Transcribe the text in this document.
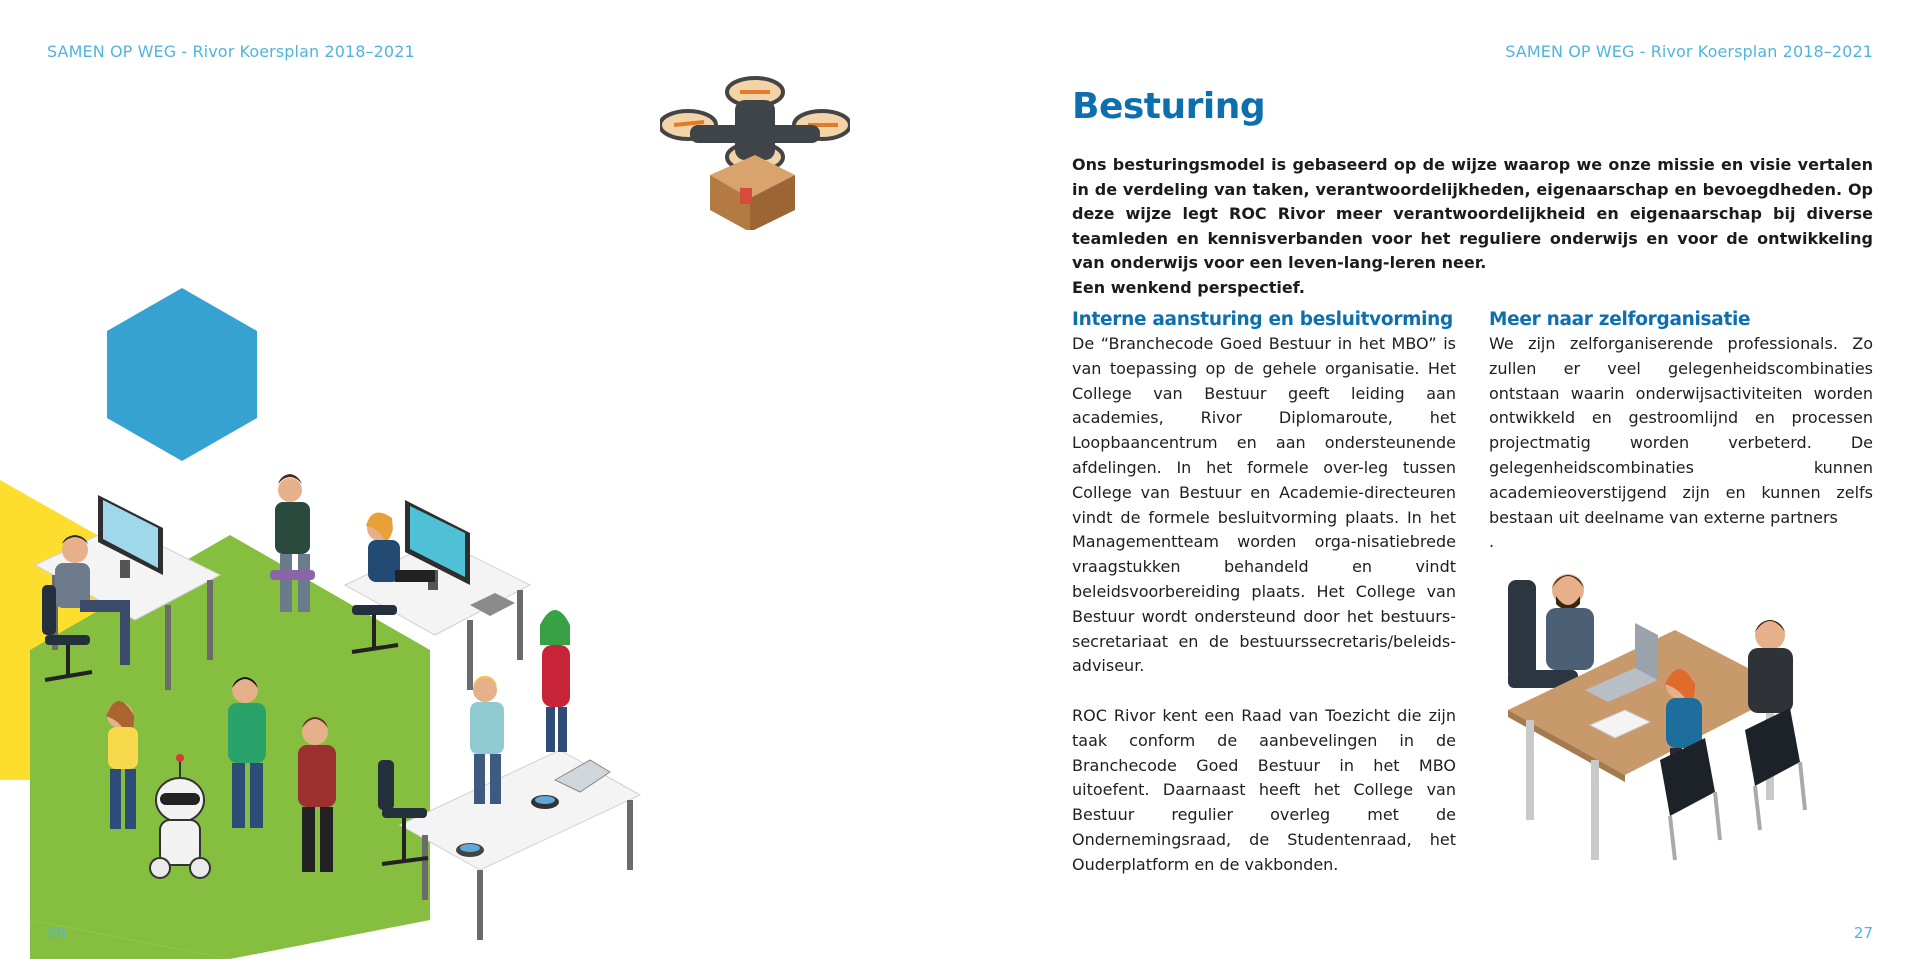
SAMEN OP WEG - Rivor Koersplan 2018–2021	SAMEN OP WEG - Rivor Koersplan 2018–2021
Besturing

Ons besturingsmodel is gebaseerd op de wijze waarop we onze missie en visie vertalen in de verdeling van taken, verantwoordelijkheden, eigenaarschap en bevoegdheden. Op deze wijze legt ROC Rivor meer verantwoordelijkheid en eigenaarschap bij diverse teamleden en kennisverbanden voor het reguliere onderwijs en voor de ontwikkeling van onderwijs voor een leven-lang-leren neer.

Een wenkend perspectief.

Interne aansturing en besluitvorming

De “Branchecode Goed Bestuur in het MBO” is van toepassing op de gehele organisatie. Het College van Bestuur geeft leiding aan academies, Rivor Diplomaroute, het Loopbaancentrum en aan ondersteunende afdelingen. In het formele over-leg tussen College van Bestuur en Academie-directeuren vindt de formele besluitvorming plaats. In het Managementteam worden orga-nisatiebrede vraagstukken behandeld en vindt beleidsvoorbereiding plaats. Het College van Bestuur wordt ondersteund door het bestuurs-secretariaat en de bestuurssecretaris/beleids-adviseur.

ROC Rivor kent een Raad van Toezicht die zijn taak conform de aanbevelingen in de Branchecode Goed Bestuur in het MBO uitoefent. Daarnaast heeft het College van Bestuur regulier overleg met de Ondernemingsraad, de Studentenraad, het Ouderplatform en de vakbonden.

Meer naar zelforganisatie

We zijn zelforganiserende professionals. Zo zullen er veel gelegenheidscombinaties ontstaan waarin onderwijsactiviteiten worden ontwikkeld en gestroomlijnd en processen projectmatig worden verbeterd. De gelegenheidscombinaties kunnen academieoverstijgend zijn en kunnen zelfs bestaan uit deelname van externe partners

.

26	27
